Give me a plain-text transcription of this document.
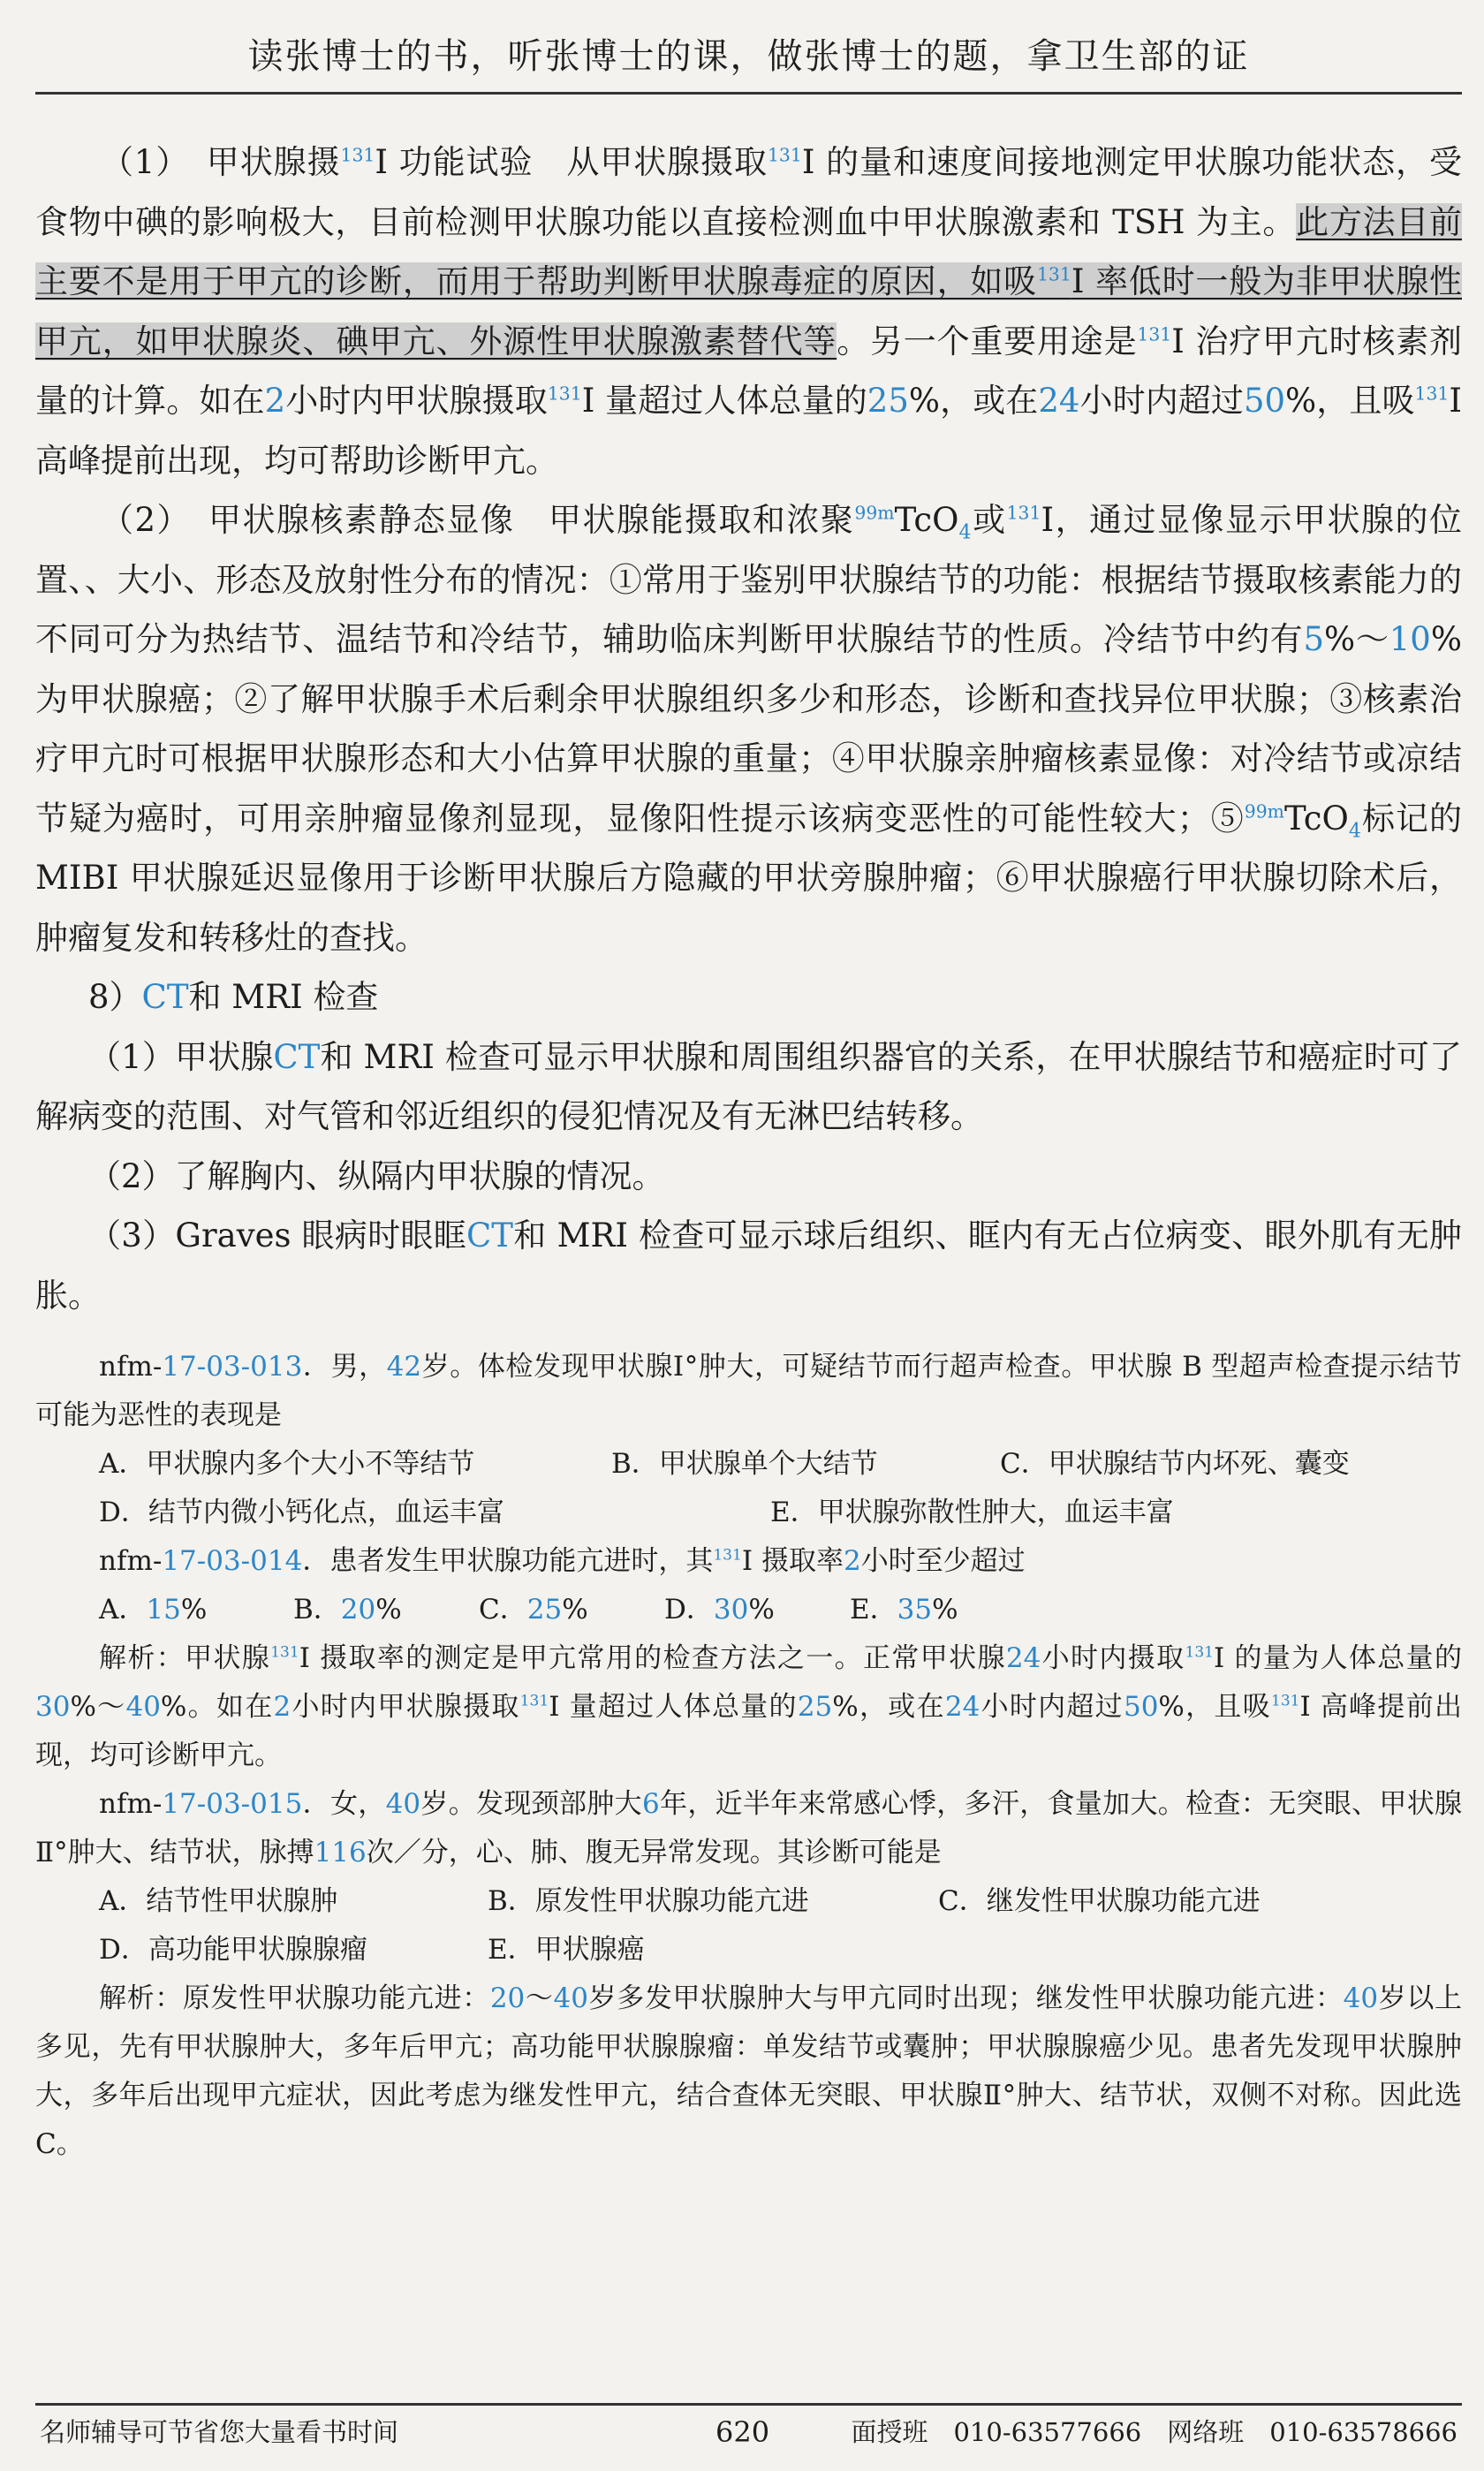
读张博士的书，听张博士的课，做张博士的题，拿卫生部的证

（1）　甲状腺摄$^{131}$I 功能试验　从甲状腺摄取$^{131}$I 的量和速度间接地测定甲状腺功能状态，受食物中碘的影响极大，目前检测甲状腺功能以直接检测血中甲状腺激素和 TSH 为主。此方法目前主要不是用于甲亢的诊断，而用于帮助判断甲状腺毒症的原因，如吸$^{131}$I 率低时一般为非甲状腺性甲亢，如甲状腺炎、碘甲亢、外源性甲状腺激素替代等。另一个重要用途是$^{131}$I 治疗甲亢时核素剂量的计算。如在2小时内甲状腺摄取$^{131}$I 量超过人体总量的25%，或在24小时内超过50%，且吸$^{131}$I 高峰提前出现，均可帮助诊断甲亢。

（2）　甲状腺核素静态显像　甲状腺能摄取和浓聚$^{99m}$TcO$_4$或$^{131}$I，通过显像显示甲状腺的位置、、大小、形态及放射性分布的情况：①常用于鉴别甲状腺结节的功能：根据结节摄取核素能力的不同可分为热结节、温结节和冷结节，辅助临床判断甲状腺结节的性质。冷结节中约有5%～10%为甲状腺癌；②了解甲状腺手术后剩余甲状腺组织多少和形态，诊断和查找异位甲状腺；③核素治疗甲亢时可根据甲状腺形态和大小估算甲状腺的重量；④甲状腺亲肿瘤核素显像：对冷结节或凉结节疑为癌时，可用亲肿瘤显像剂显现，显像阳性提示该病变恶性的可能性较大；⑤$^{99m}$TcO$_4$标记的 MIBI 甲状腺延迟显像用于诊断甲状腺后方隐藏的甲状旁腺肿瘤；⑥甲状腺癌行甲状腺切除术后，肿瘤复发和转移灶的查找。

8）CT和 MRI 检查

（1）甲状腺CT和 MRI 检查可显示甲状腺和周围组织器官的关系，在甲状腺结节和癌症时可了解病变的范围、对气管和邻近组织的侵犯情况及有无淋巴结转移。

（2）了解胸内、纵隔内甲状腺的情况。

（3）Graves 眼病时眼眶CT和 MRI 检查可显示球后组织、眶内有无占位病变、眼外肌有无肿胀。

nfm-17-03-013．男，42岁。体检发现甲状腺Ⅰ°肿大，可疑结节而行超声检查。甲状腺 B 型超声检查提示结节可能为恶性的表现是

A．甲状腺内多个大小不等结节	B．甲状腺单个大结节	C．甲状腺结节内坏死、囊变
D．结节内微小钙化点，血运丰富	E．甲状腺弥散性肿大，血运丰富

nfm-17-03-014．患者发生甲状腺功能亢进时，其$^{131}$I 摄取率2小时至少超过

A．15%	B．20%	C．25%	D．30%	E．35%

解析：甲状腺$^{131}$I 摄取率的测定是甲亢常用的检查方法之一。正常甲状腺24小时内摄取$^{131}$I 的量为人体总量的30%～40%。如在2小时内甲状腺摄取$^{131}$I 量超过人体总量的25%，或在24小时内超过50%，且吸$^{131}$I 高峰提前出现，均可诊断甲亢。

nfm-17-03-015．女，40岁。发现颈部肿大6年，近半年来常感心悸，多汗，食量加大。检查：无突眼、甲状腺Ⅱ°肿大、结节状，脉搏116次／分，心、肺、腹无异常发现。其诊断可能是

A．结节性甲状腺肿	B．原发性甲状腺功能亢进	C．继发性甲状腺功能亢进
D．高功能甲状腺腺瘤	E．甲状腺癌

解析：原发性甲状腺功能亢进：20～40岁多发甲状腺肿大与甲亢同时出现；继发性甲状腺功能亢进：40岁以上多见，先有甲状腺肿大，多年后甲亢；高功能甲状腺腺瘤：单发结节或囊肿；甲状腺腺癌少见。患者先发现甲状腺肿大，多年后出现甲亢症状，因此考虑为继发性甲亢，结合查体无突眼、甲状腺Ⅱ°肿大、结节状，双侧不对称。因此选 C。

名师辅导可节省您大量看书时间	620	面授班　010-63577666　网络班　010-63578666
